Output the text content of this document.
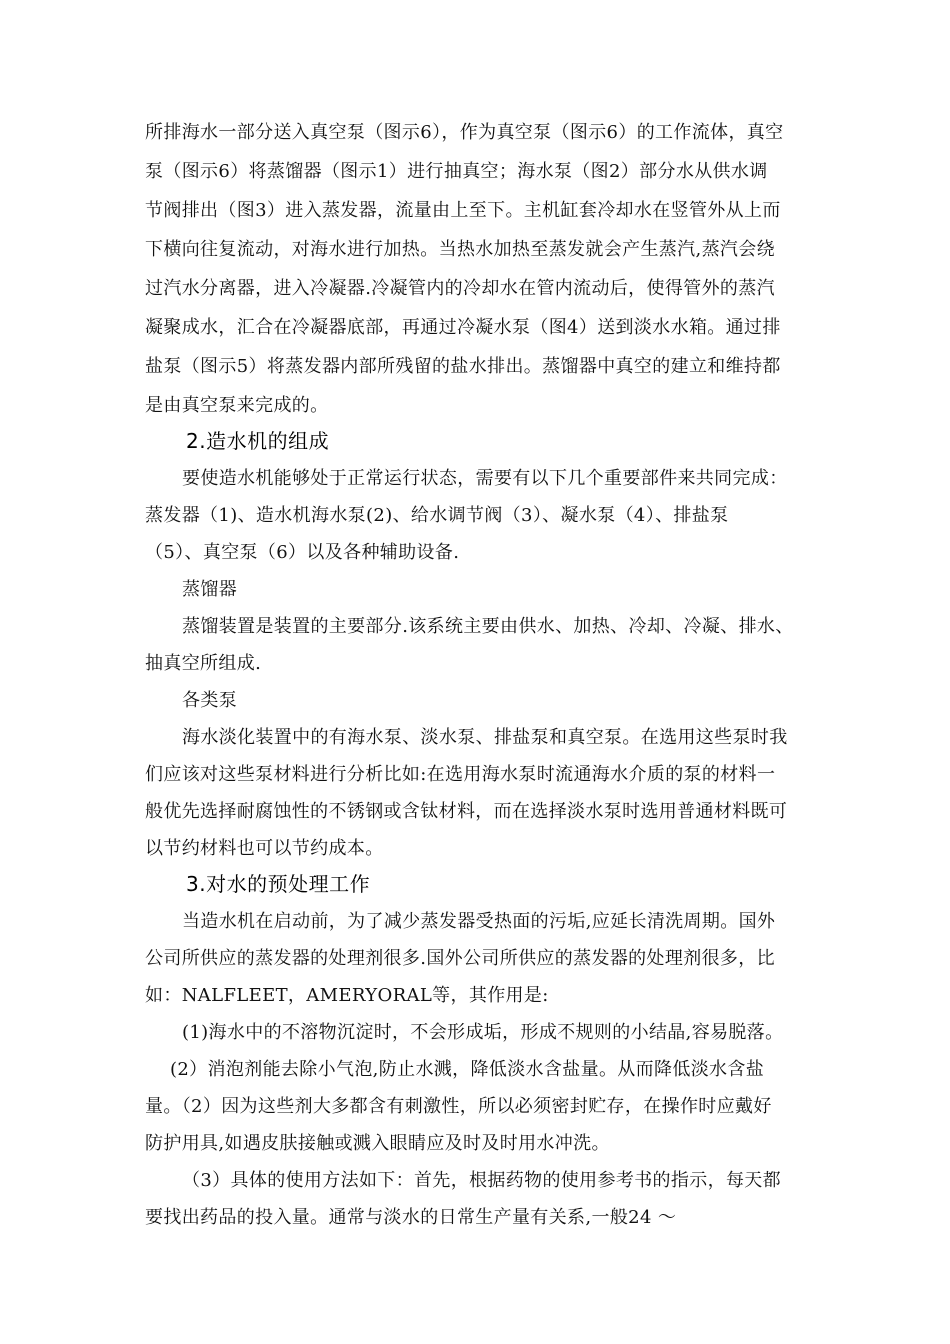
所排海水一部分送入真空泵（图示6），作为真空泵（图示6）的工作流体，真空
泵（图示6）将蒸馏器（图示1）进行抽真空；海水泵（图2）部分水从供水调
节阀排出（图3）进入蒸发器，流量由上至下。主机缸套冷却水在竖管外从上而
下横向往复流动，对海水进行加热。当热水加热至蒸发就会产生蒸汽,蒸汽会绕
过汽水分离器，进入冷凝器.冷凝管内的冷却水在管内流动后，使得管外的蒸汽
凝聚成水，汇合在冷凝器底部，再通过冷凝水泵（图4）送到淡水水箱。通过排
盐泵（图示5）将蒸发器内部所残留的盐水排出。蒸馏器中真空的建立和维持都
是由真空泵来完成的。
2.造水机的组成
要使造水机能够处于正常运行状态，需要有以下几个重要部件来共同完成：
蒸发器（1)、造水机海水泵(2)、给水调节阀（3）、凝水泵（4）、排盐泵
（5）、真空泵（6）以及各种辅助设备.
蒸馏器
蒸馏装置是装置的主要部分.该系统主要由供水、加热、冷却、冷凝、排水、
抽真空所组成.
各类泵
海水淡化装置中的有海水泵、淡水泵、排盐泵和真空泵。在选用这些泵时我
们应该对这些泵材料进行分析比如:在选用海水泵时流通海水介质的泵的材料一
般优先选择耐腐蚀性的不锈钢或含钛材料，而在选择淡水泵时选用普通材料既可
以节约材料也可以节约成本。
3.对水的预处理工作
当造水机在启动前，为了减少蒸发器受热面的污垢,应延长清洗周期。国外
公司所供应的蒸发器的处理剂很多.国外公司所供应的蒸发器的处理剂很多，比
如：NALFLEET，AMERYORAL等，其作用是:
(1)海水中的不溶物沉淀时，不会形成垢，形成不规则的小结晶,容易脱落。
(2）消泡剂能去除小气泡,防止水溅，降低淡水含盐量。从而降低淡水含盐
量。（2）因为这些剂大多都含有刺激性，所以必须密封贮存，在操作时应戴好
防护用具,如遇皮肤接触或溅入眼睛应及时及时用水冲洗。
（3）具体的使用方法如下：首先，根据药物的使用参考书的指示，每天都
要找出药品的投入量。通常与淡水的日常生产量有关系,一般24 ～
